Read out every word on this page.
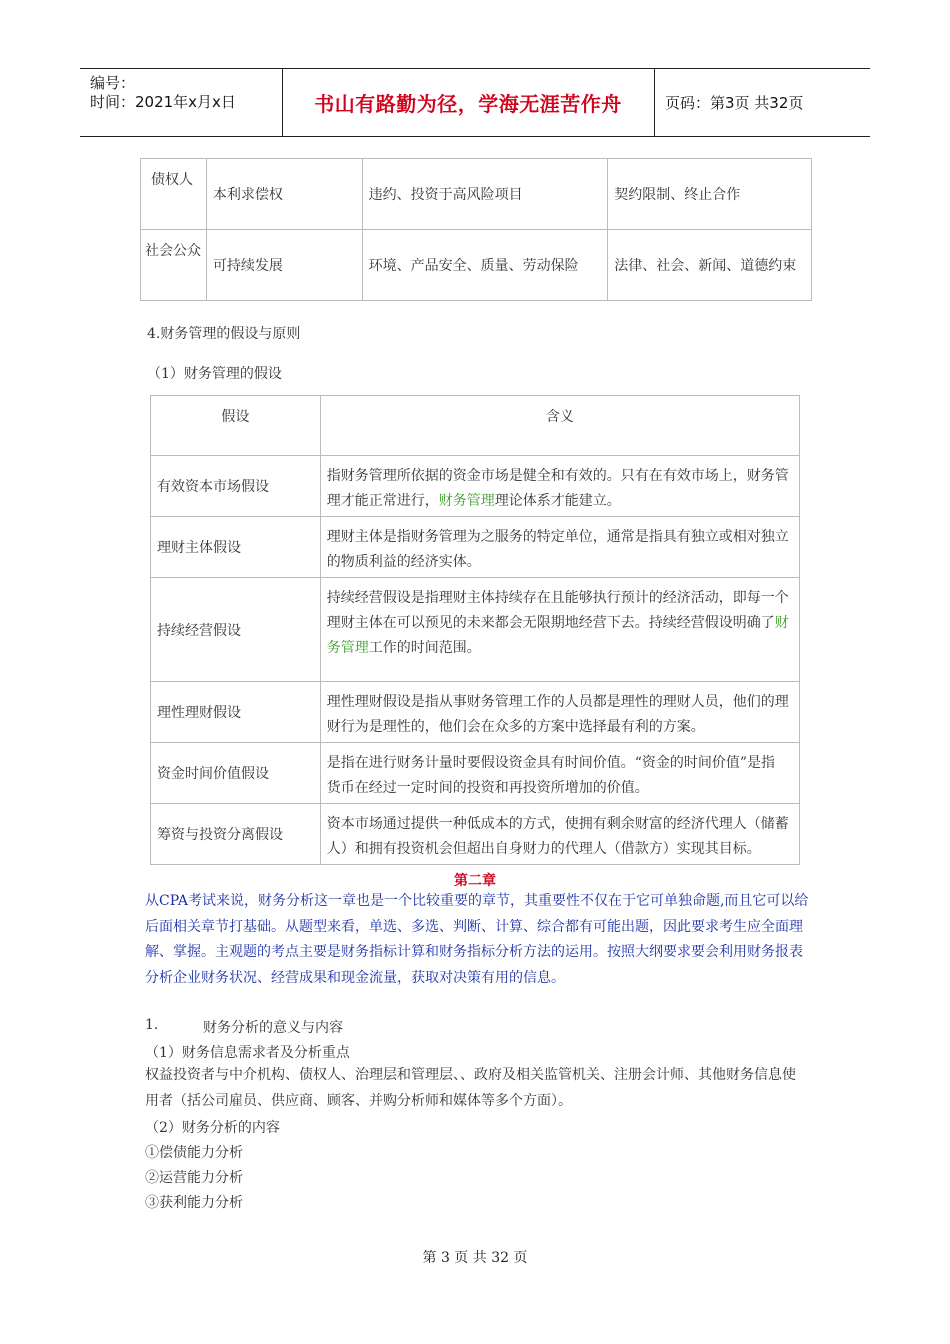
编号：
时间：2021年x月x日	书山有路勤为径，学海无涯苦作舟	页码：第3页 共32页
债权人	本利求偿权	违约、投资于高风险项目	契约限制、终止合作
社会公众	可持续发展	环境、产品安全、质量、劳动保险	法律、社会、新闻、道德约束
4.财务管理的假设与原则
（1）财务管理的假设
假设	含义
有效资本市场假设	指财务管理所依据的资金市场是健全和有效的。只有在有效市场上，财务管理才能正常进行，财务管理理论体系才能建立。
理财主体假设	理财主体是指财务管理为之服务的特定单位，通常是指具有独立或相对独立的物质利益的经济实体。
持续经营假设	持续经营假设是指理财主体持续存在且能够执行预计的经济活动，即每一个理财主体在可以预见的未来都会无限期地经营下去。持续经营假设明确了财务管理工作的时间范围。
理性理财假设	理性理财假设是指从事财务管理工作的人员都是理性的理财人员，他们的理财行为是理性的，他们会在众多的方案中选择最有利的方案。
资金时间价值假设	是指在进行财务计量时要假设资金具有时间价值。“资金的时间价值”是指货币在经过一定时间的投资和再投资所增加的价值。
筹资与投资分离假设	资本市场通过提供一种低成本的方式，使拥有剩余财富的经济代理人（储蓄人）和拥有投资机会但超出自身财力的代理人（借款方）实现其目标。
第二章
从CPA考试来说，财务分析这一章也是一个比较重要的章节，其重要性不仅在于它可单独命题,而且它可以给后面相关章节打基础。从题型来看，单选、多选、判断、计算、综合都有可能出题，因此要求考生应全面理解、掌握。主观题的考点主要是财务指标计算和财务指标分析方法的运用。按照大纲要求要会利用财务报表分析企业财务状况、经营成果和现金流量，获取对决策有用的信息。
1.	财务分析的意义与内容
（1）财务信息需求者及分析重点
权益投资者与中介机构、债权人、治理层和管理层、、政府及相关监管机关、注册会计师、其他财务信息使用者（括公司雇员、供应商、顾客、并购分析师和媒体等多个方面）。
（2）财务分析的内容
①偿债能力分析
②运营能力分析
③获利能力分析
第 3 页 共 32 页
